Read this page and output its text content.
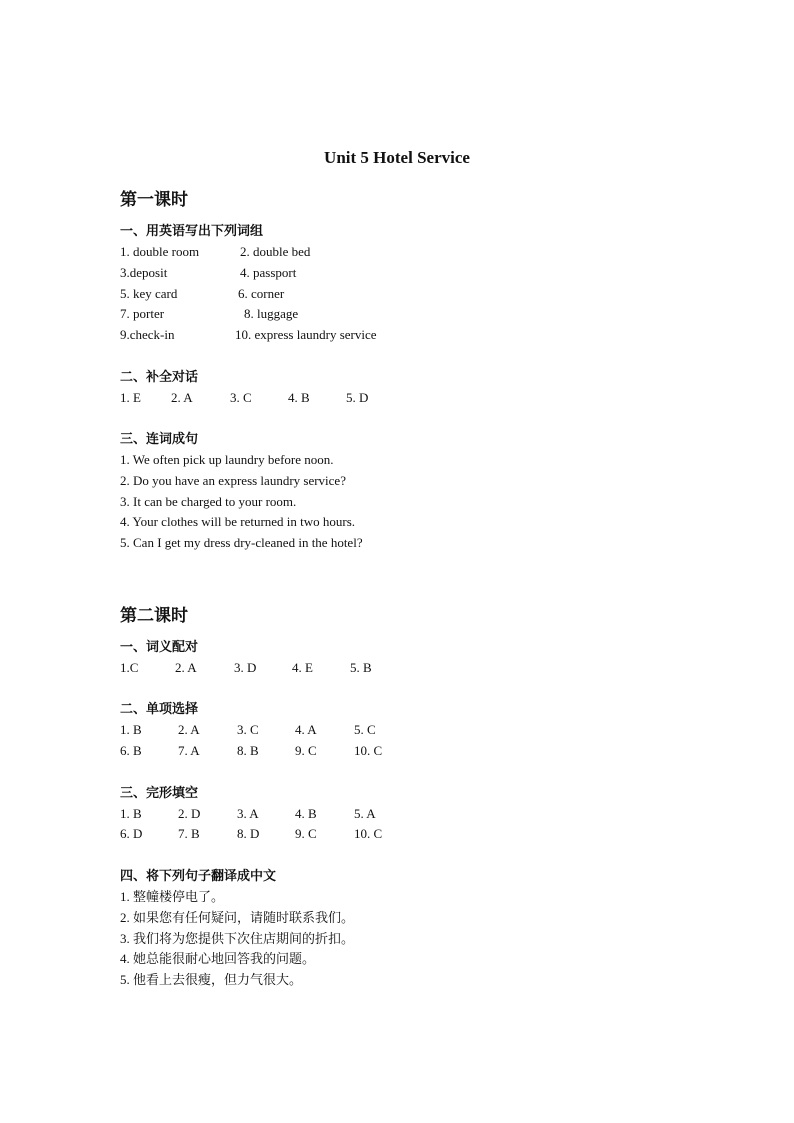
Unit 5 Hotel Service
第一课时
一、用英语写出下列词组
1. double room	2. double bed
3.deposit	4. passport
5. key card	6. corner
7. porter	8. luggage
9.check-in	10. express laundry service
二、补全对话
1. E 2. A	3. C	4. B	5. D
三、连词成句
1. We often pick up laundry before noon.
2. Do you have an express laundry service?
3. It can be charged to your room.
4. Your clothes will be returned in two hours.
5. Can I get my dress dry-cleaned in the hotel?
第二课时
一、词义配对
1.C	2. A	3. D	4. E	5. B
二、单项选择
1. B	2. A	3. C	4. A	5. C
6. B	7. A	8. B	9. C	10. C
三、完形填空
1. B	2. D	3. A	4. B	5. A
6. D	7. B	8. D	9. C	10. C
四、将下列句子翻译成中文
1. 整幢楼停电了。
2. 如果您有任何疑问，请随时联系我们。
3. 我们将为您提供下次住店期间的折扣。
4. 她总能很耐心地回答我的问题。
5. 他看上去很瘦，但力气很大。
